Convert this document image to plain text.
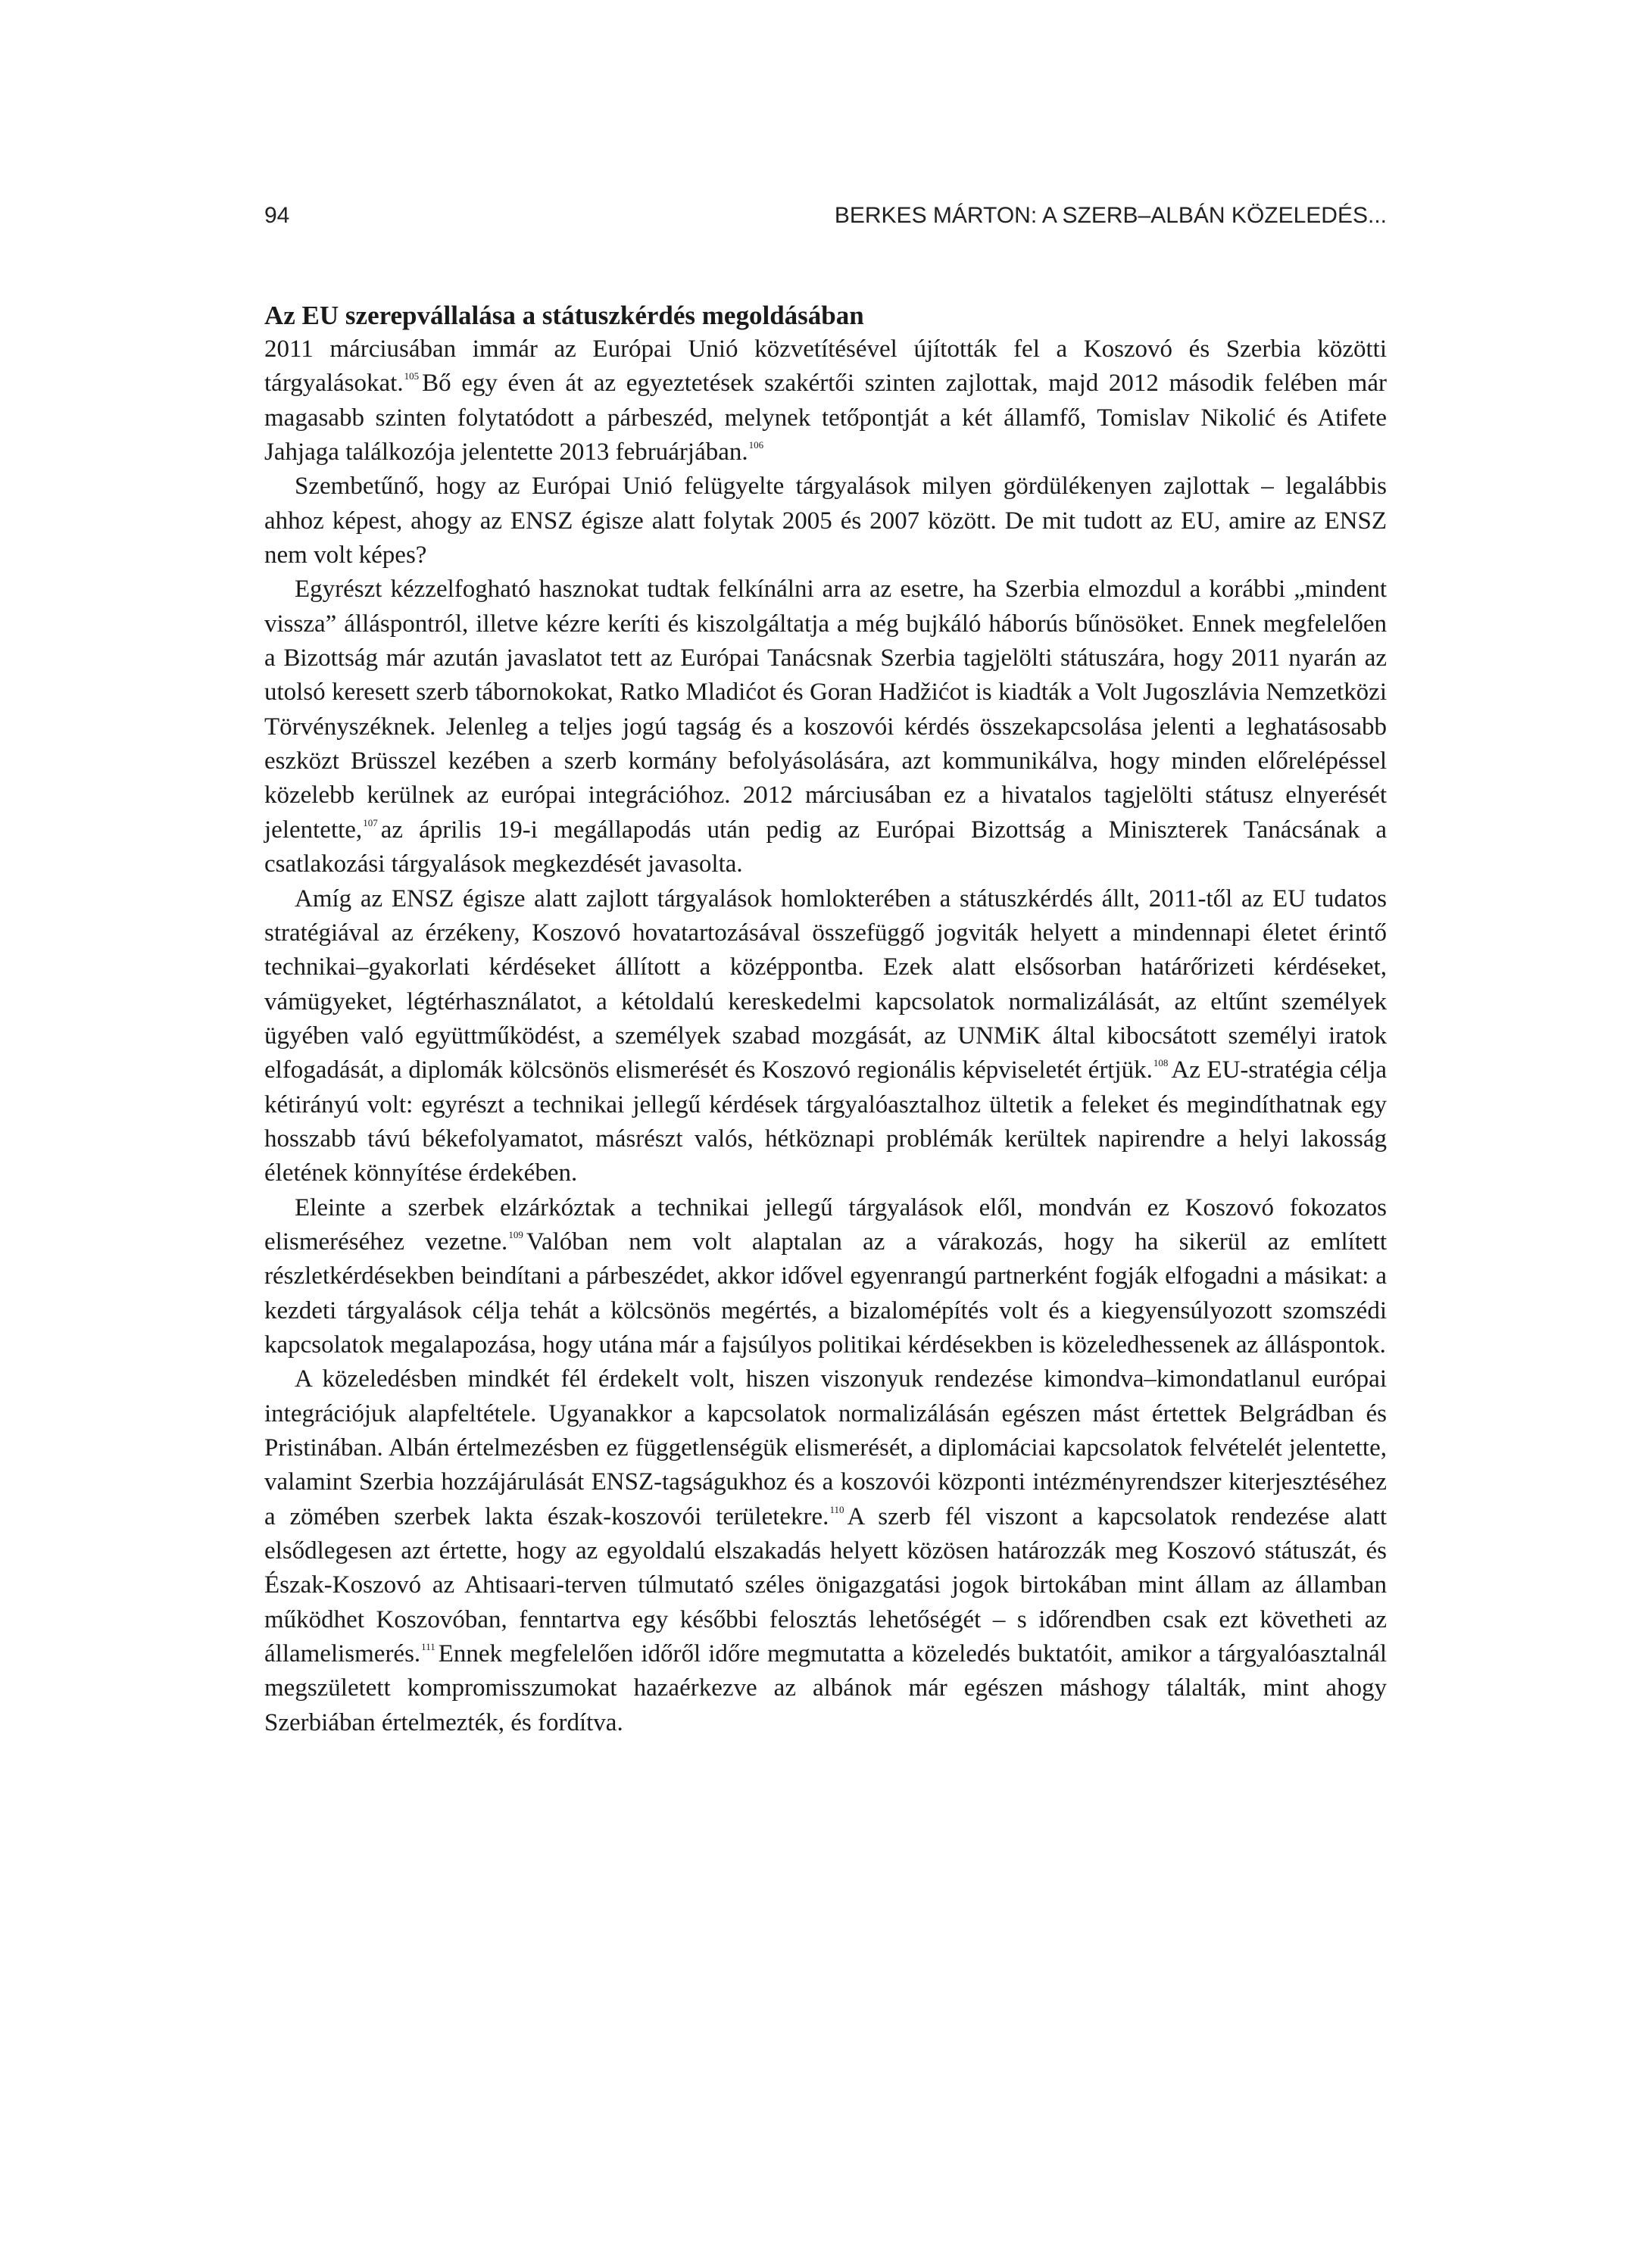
94	BERKES MÁRTON: A SZERB–ALBÁN KÖZELEDÉS...
Az EU szerepvállalása a státuszkérdés megoldásában

2011 márciusában immár az Európai Unió közvetítésével újították fel a Koszovó és Szerbia közötti tárgyalásokat.$^{105}$ Bő egy éven át az egyeztetések szakértői szinten zajlottak, majd 2012 második felében már magasabb szinten folytatódott a párbeszéd, melynek tetőpontját a két államfő, Tomislav Nikolić és Atifete Jahjaga találkozója jelentette 2013 februárjában.$^{106}$

Szembetűnő, hogy az Európai Unió felügyelte tárgyalások milyen gördülékenyen zajlottak – legalábbis ahhoz képest, ahogy az ENSZ égisze alatt folytak 2005 és 2007 között. De mit tudott az EU, amire az ENSZ nem volt képes?

Egyrészt kézzelfogható hasznokat tudtak felkínálni arra az esetre, ha Szerbia elmozdul a korábbi „mindent vissza” álláspontról, illetve kézre keríti és kiszolgáltatja a még bujkáló háborús bűnösöket. Ennek megfelelően a Bizottság már azután javaslatot tett az Európai Tanácsnak Szerbia tagjelölti státuszára, hogy 2011 nyarán az utolsó keresett szerb tábornokokat, Ratko Mladićot és Goran Hadžićot is kiadták a Volt Jugoszlávia Nemzetközi Törvényszéknek. Jelenleg a teljes jogú tagság és a koszovói kérdés összekapcsolása jelenti a leghatásosabb eszközt Brüsszel kezében a szerb kormány befolyásolására, azt kommunikálva, hogy minden előrelépéssel közelebb kerülnek az európai integrációhoz. 2012 márciusában ez a hivatalos tagjelölti státusz elnyerését jelentette,$^{107}$ az április 19-i megállapodás után pedig az Európai Bizottság a Miniszterek Tanácsának a csatlakozási tárgyalások megkezdését javasolta.

Amíg az ENSZ égisze alatt zajlott tárgyalások homlokterében a státuszkérdés állt, 2011-től az EU tudatos stratégiával az érzékeny, Koszovó hovatartozásával összefüggő jogviták helyett a mindennapi életet érintő technikai–gyakorlati kérdéseket állított a középpontba. Ezek alatt elsősorban határőrizeti kérdéseket, vámügyeket, légtérhasználatot, a kétoldalú kereskedelmi kapcsolatok normalizálását, az eltűnt személyek ügyében való együttműködést, a személyek szabad mozgását, az UNMiK által kibocsátott személyi iratok elfogadását, a diplomák kölcsönös elismerését és Koszovó regionális képviseletét értjük.$^{108}$ Az EU-stratégia célja kétirányú volt: egyrészt a technikai jellegű kérdések tárgyalóasztalhoz ültetik a feleket és megindíthatnak egy hosszabb távú békefolyamatot, másrészt valós, hétköznapi problémák kerültek napirendre a helyi lakosság életének könnyítése érdekében.

Eleinte a szerbek elzárkóztak a technikai jellegű tárgyalások elől, mondván ez Koszovó fokozatos elismeréséhez vezetne.$^{109}$ Valóban nem volt alaptalan az a várakozás, hogy ha sikerül az említett részletkérdésekben beindítani a párbeszédet, akkor idővel egyenrangú partnerként fogják elfogadni a másikat: a kezdeti tárgyalások célja tehát a kölcsönös megértés, a bizalomépítés volt és a kiegyensúlyozott szomszédi kapcsolatok megalapozása, hogy utána már a fajsúlyos politikai kérdésekben is közeledhessenek az álláspontok.

A közeledésben mindkét fél érdekelt volt, hiszen viszonyuk rendezése kimondva–kimondatlanul európai integrációjuk alapfeltétele. Ugyanakkor a kapcsolatok normalizálásán egészen mást értettek Belgrádban és Pristinában. Albán értelmezésben ez függetlenségük elismerését, a diplomáciai kapcsolatok felvételét jelentette, valamint Szerbia hozzájárulását ENSZ-tagságukhoz és a koszovói központi intézményrendszer kiterjesztéséhez a zömében szerbek lakta észak-koszovói területekre.$^{110}$ A szerb fél viszont a kapcsolatok rendezése alatt elsődlegesen azt értette, hogy az egyoldalú elszakadás helyett közösen határozzák meg Koszovó státuszát, és Észak-Koszovó az Ahtisaari-terven túlmutató széles önigazgatási jogok birtokában mint állam az államban működhet Koszovóban, fenntartva egy későbbi felosztás lehetőségét – s időrendben csak ezt követheti az államelismerés.$^{111}$ Ennek megfelelően időről időre megmutatta a közeledés buktatóit, amikor a tárgyalóasztalnál megszületett kompromisszumokat hazaérkezve az albánok már egészen máshogy tálalták, mint ahogy Szerbiában értelmezték, és fordítva.
